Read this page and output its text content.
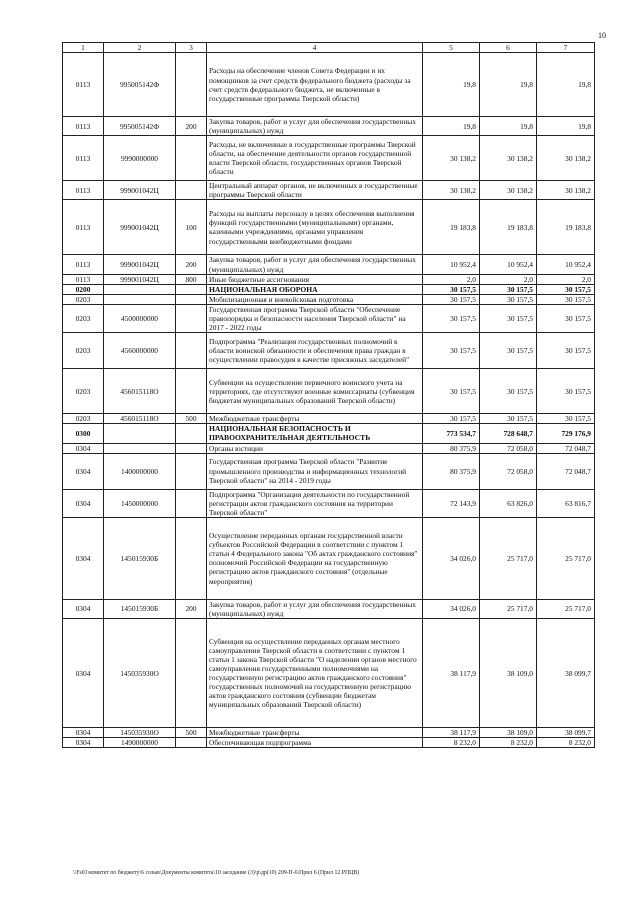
10
1	2	3	4	5	6	7
0113	995005142Ф		Расходы на обеспечение членов Совета Федерации и их помощников за счет средств федерального бюджета (расходы за счет средств федерального бюджета, не включенные в государственные программы Тверской области)	19,8	19,8	19,8
0113	995005142Ф	200	Закупка товаров, работ и услуг для обеспечения государственных (муниципальных) нужд	19,8	19,8	19,8
0113	9990000000		Расходы, не включенные в государственные программы Тверской области, на обеспечение деятельности органов государственной власти Тверской области, государственных органов Тверской области	30 138,2	30 138,2	30 138,2
0113	999001042Ц		Центральный аппарат органов, не включенных в государственные программы Тверской области	30 138,2	30 138,2	30 138,2
0113	999001042Ц	100	Расходы на выплаты персоналу в целях обеспечения выполнения функций государственными (муниципальными) органами, казенными учреждениями, органами управления государственными внебюджетными фондами	19 183,8	19 183,8	19 183,8
0113	999001042Ц	200	Закупка товаров, работ и услуг для обеспечения государственных (муниципальных) нужд	10 952,4	10 952,4	10 952,4
0113	999001042Ц	800	Иные бюджетные ассигнования	2,0	2,0	2,0
0200			НАЦИОНАЛЬНАЯ ОБОРОНА	30 157,5	30 157,5	30 157,5
0203			Мобилизационная и вневойсковая подготовка	30 157,5	30 157,5	30 157,5
0203	4500000000		Государственная программа Тверской области "Обеспечение правопорядка и безопасности населения Тверской области" на 2017 - 2022 годы	30 157,5	30 157,5	30 157,5
0203	4560000000		Подпрограмма "Реализация государственных полномочий в области воинской обязанности и обеспечения права граждан в осуществлении правосудия в качестве присяжных заседателей"	30 157,5	30 157,5	30 157,5
0203	456015118О		Субвенции на осуществление первичного воинского учета на территориях, где отсутствуют военные комиссариаты (субвенция бюджетам муниципальных образований Тверской области)	30 157,5	30 157,5	30 157,5
0203	456015118О	500	Межбюджетные трансферты	30 157,5	30 157,5	30 157,5
0300			НАЦИОНАЛЬНАЯ БЕЗОПАСНОСТЬ И ПРАВООХРАНИТЕЛЬНАЯ ДЕЯТЕЛЬНОСТЬ	773 534,7	728 648,7	729 176,9
0304			Органы юстиции	80 375,9	72 058,0	72 048,7
0304	1400000000		Государственная программа Тверской области "Развитие промышленного производства и информационных технологий Тверской области" на 2014 - 2019 годы	80 375,9	72 058,0	72 048,7
0304	1450000000		Подпрограмма "Организация деятельности по государственной регистрации актов гражданского состояния на территории Тверской области"	72 143,9	63 826,0	63 816,7
0304	145015930Б		Осуществление переданных органам государственной власти субъектов Российской Федерации в соответствии с пунктом 1 статьи 4 Федерального закона "Об актах гражданского состояния" полномочий Российской Федерации на государственную регистрацию актов гражданского состояния" (отдельные мероприятия)	34 026,0	25 717,0	25 717,0
0304	145015930Б	200	Закупка товаров, работ и услуг для обеспечения государственных (муниципальных) нужд	34 026,0	25 717,0	25 717,0
0304	145035930О		Субвенция на осуществление переданных органам местного самоуправления Тверской области в соответствии с пунктом 1 статьи 1 закона Тверской области "О наделении органов местного самоуправления государственными полномочиями на государственную регистрацию актов гражданского состояния" государственных полномочий на государственную регистрацию актов гражданского состояния (субвенции бюджетам муниципальных образований Тверской области)	38 117,9	38 109,0	38 099,7
0304	145035930О	500	Межбюджетные трансферты	38 117,9	38 109,0	38 099,7
0304	1490000000		Обеспечивающая подпрограмма	8 232,0	8 232,0	8 232,0
\\Fs01\комитет по бюджету\6 созыв\Документы комитета\10 заседание (3)\р\др(10) 209-П-6\Прил 6 (Прил 12 РПЦВ)
